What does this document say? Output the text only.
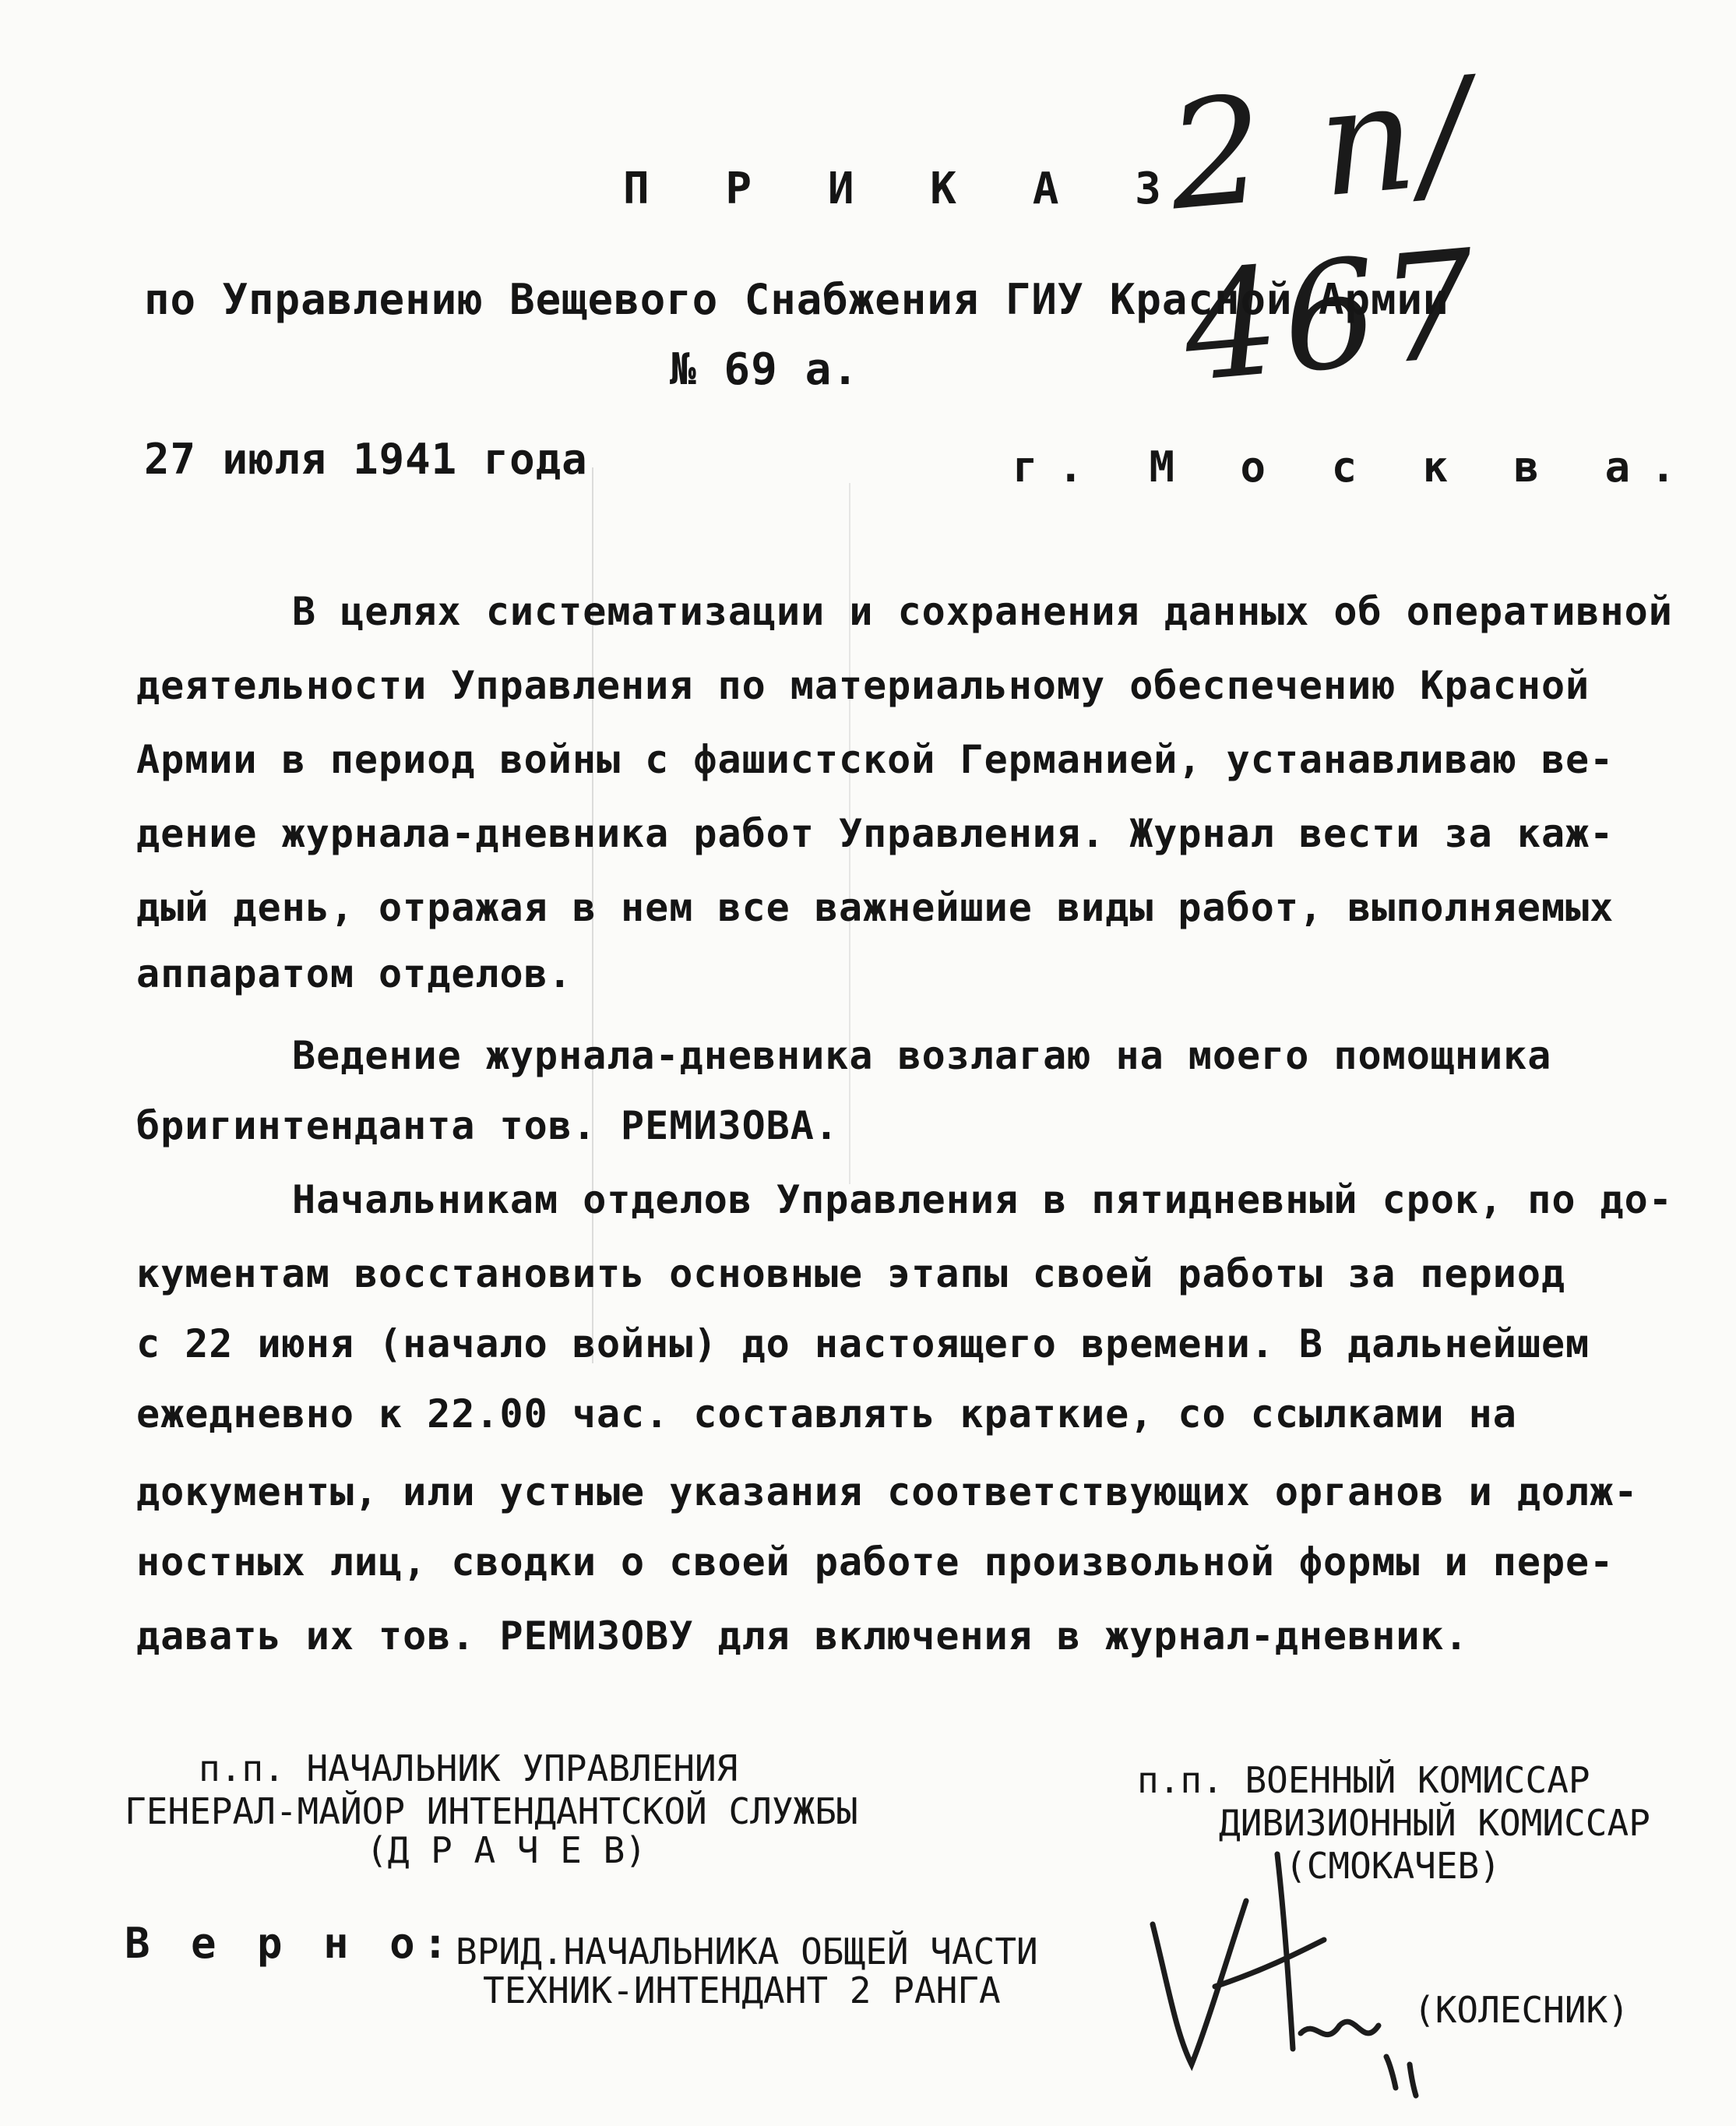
2 п/ 467
П Р И К А З
по Управлению Вещевого Снабжения ГИУ Красной Армии
№ 69 а.
27 июля 1941 года	г. М о с к в а.
В целях систематизации и сохранения данных об оперативной
деятельности Управления по материальному обеспечению Красной
Армии в период войны с фашистской Германией, устанавливаю ве-
дение журнала-дневника работ Управления. Журнал вести за каж-
дый день, отражая в нем все важнейшие виды работ, выполняемых
аппаратом отделов.
Ведение журнала-дневника возлагаю на моего помощника
бригинтенданта тов. РЕМИЗОВА.
Начальникам отделов Управления в пятидневный срок, по до-
кументам восстановить основные этапы своей работы за период
с 22 июня (начало войны) до настоящего времени. В дальнейшем
ежедневно к 22.00 час. составлять краткие, со ссылками на
документы, или устные указания соответствующих органов и долж-
ностных лиц, сводки о своей работе произвольной формы и пере-
давать их тов. РЕМИЗОВУ для включения в журнал-дневник.
п.п. НАЧАЛЬНИК УПРАВЛЕНИЯ
ГЕНЕРАЛ-МАЙОР ИНТЕНДАНТСКОЙ СЛУЖБЫ
(Д Р А Ч Е В)
п.п. ВОЕННЫЙ КОМИССАР
ДИВИЗИОННЫЙ КОМИССАР
(СМОКАЧЕВ)
В е р н о: ВРИД.НАЧАЛЬНИКА ОБЩЕЙ ЧАСТИ
ТЕХНИК-ИНТЕНДАНТ 2 РАНГА	(КОЛЕСНИК)
